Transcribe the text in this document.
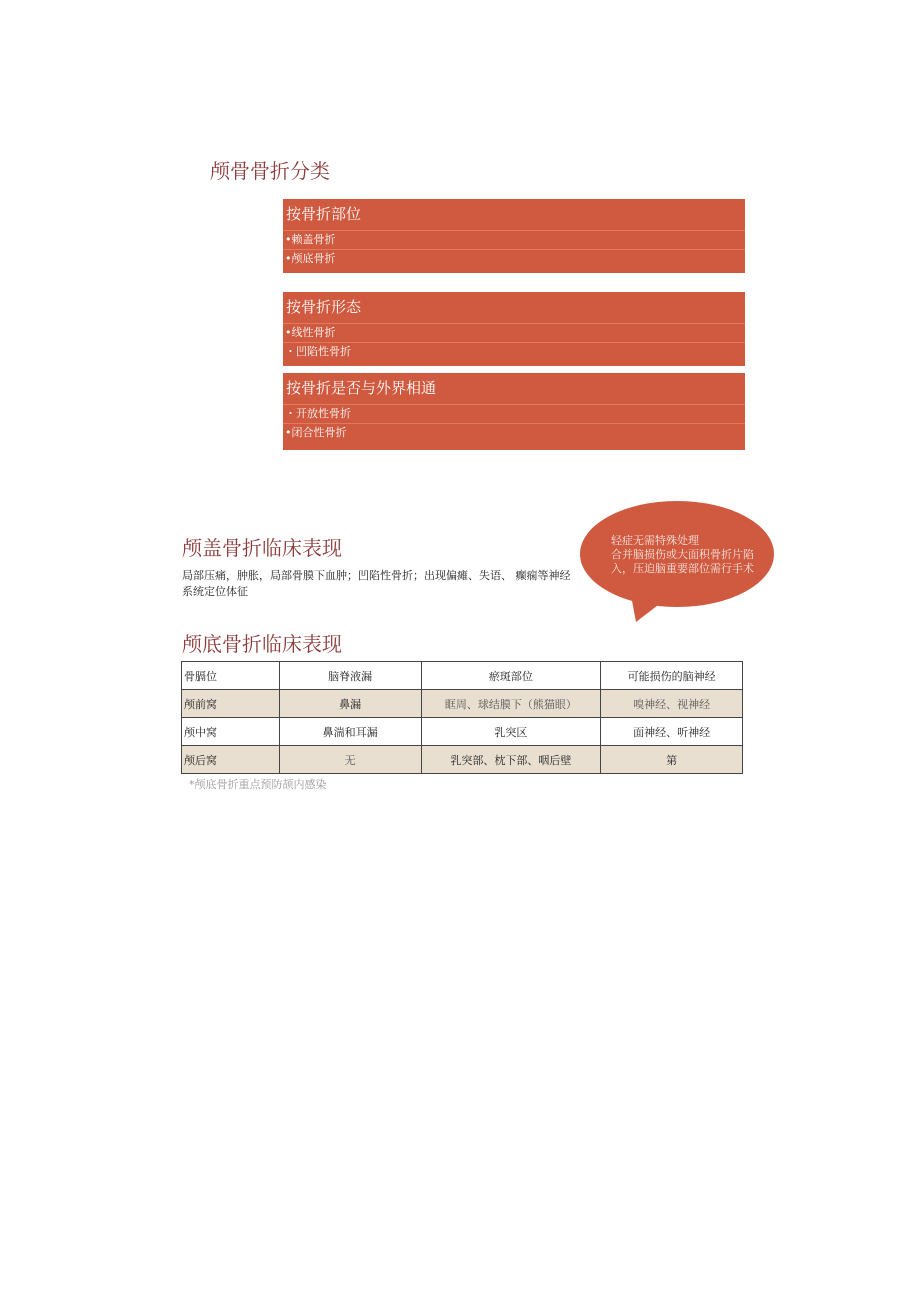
颅骨骨折分类
按骨折部位
•赖盖骨折
•颅底骨折
按骨折形态
•线性骨折
・凹陷性骨折
按骨折是否与外界相通
・开放性骨折
•闭合性骨折
颅盖骨折临床表现

局部压痛，肿胀，局部骨膜下血肿；凹陷性骨折；出现偏瘫、失语、 癫痫等神经系统定位体征

轻症无需特殊处理
合并脑损伤或大面积骨折片陷入，压迫脑重要部位需行手术
颅底骨折临床表现
骨膈位	脑脊液漏	瘀斑部位	可能损伤的脑神经
颅前窝	鼻漏	眶周、球结膜下（熊猫眼）	嗅神经、视神经
颅中窝	鼻湍和耳漏	乳突区	面神经、听神经
颅后窝	无	乳突部、枕下部、咽后壁	第
*颅底骨折重点预防颉内感染
